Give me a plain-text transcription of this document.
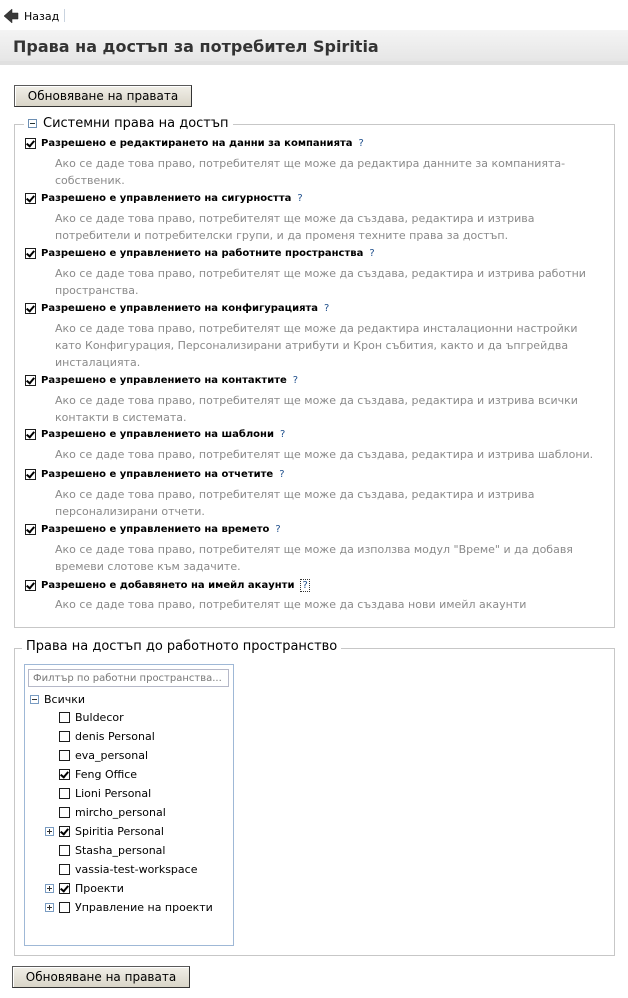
Назад
Права на достъп за потребител Spiritia
Обновяване на правата
Системни права на достъп
Разрешено е редактирането на данни за компанията ?
Ако се даде това право, потребителят ще може да редактира данните за компанията-
собственик.
Разрешено е управлението на сигурността ?
Ако се даде това право, потребителят ще може да създава, редактира и изтрива
потребители и потребителски групи, и да променя техните права за достъп.
Разрешено е управлението на работните пространства ?
Ако се даде това право, потребителят ще може да създава, редактира и изтрива работни
пространства.
Разрешено е управлението на конфигурацията ?
Ако се даде това право, потребителят ще може да редактира инсталационни настройки
като Конфигурация, Персонализирани атрибути и Крон събития, както и да ъпгрейдва
инсталацията.
Разрешено е управлението на контактите ?
Ако се даде това право, потребителят ще може да създава, редактира и изтрива всички
контакти в системата.
Разрешено е управлението на шаблони ?
Ако се даде това право, потребителят ще може да създава, редактира и изтрива шаблони.
Разрешено е управлението на отчетите ?
Ако се даде това право, потребителят ще може да създава, редактира и изтрива
персонализирани отчети.
Разрешено е управлението на времето ?
Ако се даде това право, потребителят ще може да използва модул "Време" и да добавя
времеви слотове към задачите.
Разрешено е добавянето на имейл акаунти ?
Ако се даде това право, потребителят ще може да създава нови имейл акаунти
Права на достъп до работното пространство
Филтър по работни пространства...
Всички
Buldecor
denis Personal
eva_personal
Feng Office
Lioni Personal
mircho_personal
Spiritia Personal
Stasha_personal
vassia-test-workspace
Проекти
Управление на проекти
Обновяване на правата
